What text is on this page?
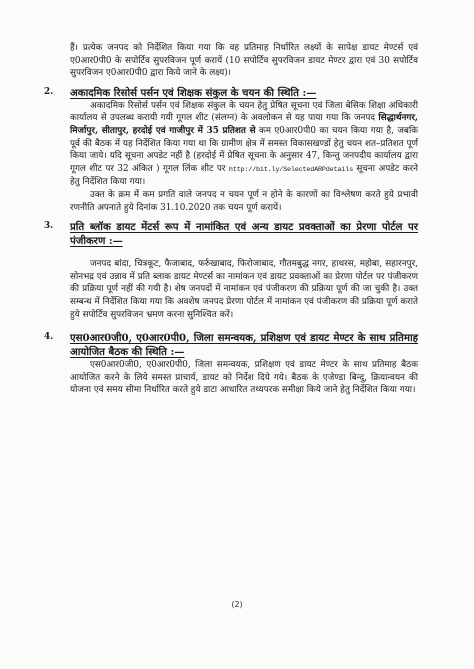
हैं। प्रत्येक जनपद को निर्देशित किया गया कि वह प्रतिमाह निर्धारित लक्ष्यों के सापेक्ष डायट मेण्टर्स एवं ए0आर0पी0 के सपोर्टिव सुपरविजन पूर्ण करायें (10 सपोर्टिव सुपरविजन डायट मेण्टर द्वारा एवं 30 सपोर्टिव सुपरविजन ए0आर0पी0 द्वारा किये जाने के लक्ष्य)।

2. अकादमिक रिसोर्स पर्सन एवं शिक्षक संकुल के चयन की स्थिति :—

अकादमिक रिसोर्स पर्सन एवं शिक्षक संकुल के चयन हेतु प्रेषित सूचना एवं जिला बेसिक शिक्षा अधिकारी कार्यालय से उपलब्ध करायी गयी गूगल शीट (संलग्न) के अवलोकन से यह पाया गया कि जनपद सिद्धार्थनगर, मिर्जापुर, सीतापुर, हरदोई एवं गाजीपुर में 35 प्रतिशत से कम ए0आर0पी0 का चयन किया गया है, जबकि पूर्व की बैठक में यह निर्देशित किया गया था कि ग्रामीण क्षेत्र में समस्त विकासखण्डों हेतु चयन शत–प्रतिशत पूर्ण किया जाये। यदि सूचना अपडेट नहीं है (हरदोई में प्रेषित सूचना के अनुसार 47, किन्तु जनपदीय कार्यालय द्वारा गूगल शीट पर 32 अंकित ) गूगल लिंक शीट पर http://bit.ly/SelectedARPdetails सूचना अपडेट करने हेतु निर्देशित किया गया।

उक्त के क्रम में कम प्रगति वाले जनपद न चयन पूर्ण न होने के कारणों का विश्लेषण करते हुये प्रभावी रणनीति अपनाते हुये दिनांक 31.10.2020 तक चयन पूर्ण करायें।

3. प्रति ब्लॉक डायट मेंटर्स रूप में नामांकित एवं अन्य डायट प्रवक्ताओं का प्रेरणा पोर्टल पर पंजीकरण :—

जनपद बांदा, चित्रकूट, फैजाबाद, फर्रुखाबाद, फिरोजाबाद, गौतमबुद्ध नगर, हाथरस, महोबा, सहारनपुर, सोनभद्र एवं उन्नाव में प्रति ब्लाक डायट मेण्टर्स का नामांकन एवं डायट प्रवक्ताओं का प्रेरणा पोर्टल पर पंजीकरण की प्रक्रिया पूर्ण नहीं की गयी है। शेष जनपदों में नामांकन एवं पंजीकरण की प्रक्रिया पूर्ण की जा चुकी है। उक्त सम्बन्ध में निर्देशित किया गया कि अवशेष जनपद प्रेरणा पोर्टल में नामांकन एवं पंजीकरण की प्रक्रिया पूर्ण कराते हुये सपोर्टिव सुपरविजन भ्रमण करना सुनिश्चित करें।

4. एस0आर0जी0, ए0आर0पी0, जिला समन्वयक, प्रशिक्षण एवं डायट मेण्टर के साथ प्रतिमाह आयोजित बैठक की स्थिति :—

एस0आर0जी0, ए0आर0पी0, जिला समन्वयक, प्रशिक्षण एवं डायट मेण्टर के साथ प्रतिमाह बैठक आयोजित करने के लिये समस्त प्राचार्य, डायट को निर्देश दिये गये। बैठक के एजेण्डा बिन्दु, क्रियान्वयन की योजना एवं समय सीमा निर्धारित करते हुये डाटा आधारित तथ्यपरक समीक्षा किये जाने हेतु निर्देशित किया गया।

(2)
